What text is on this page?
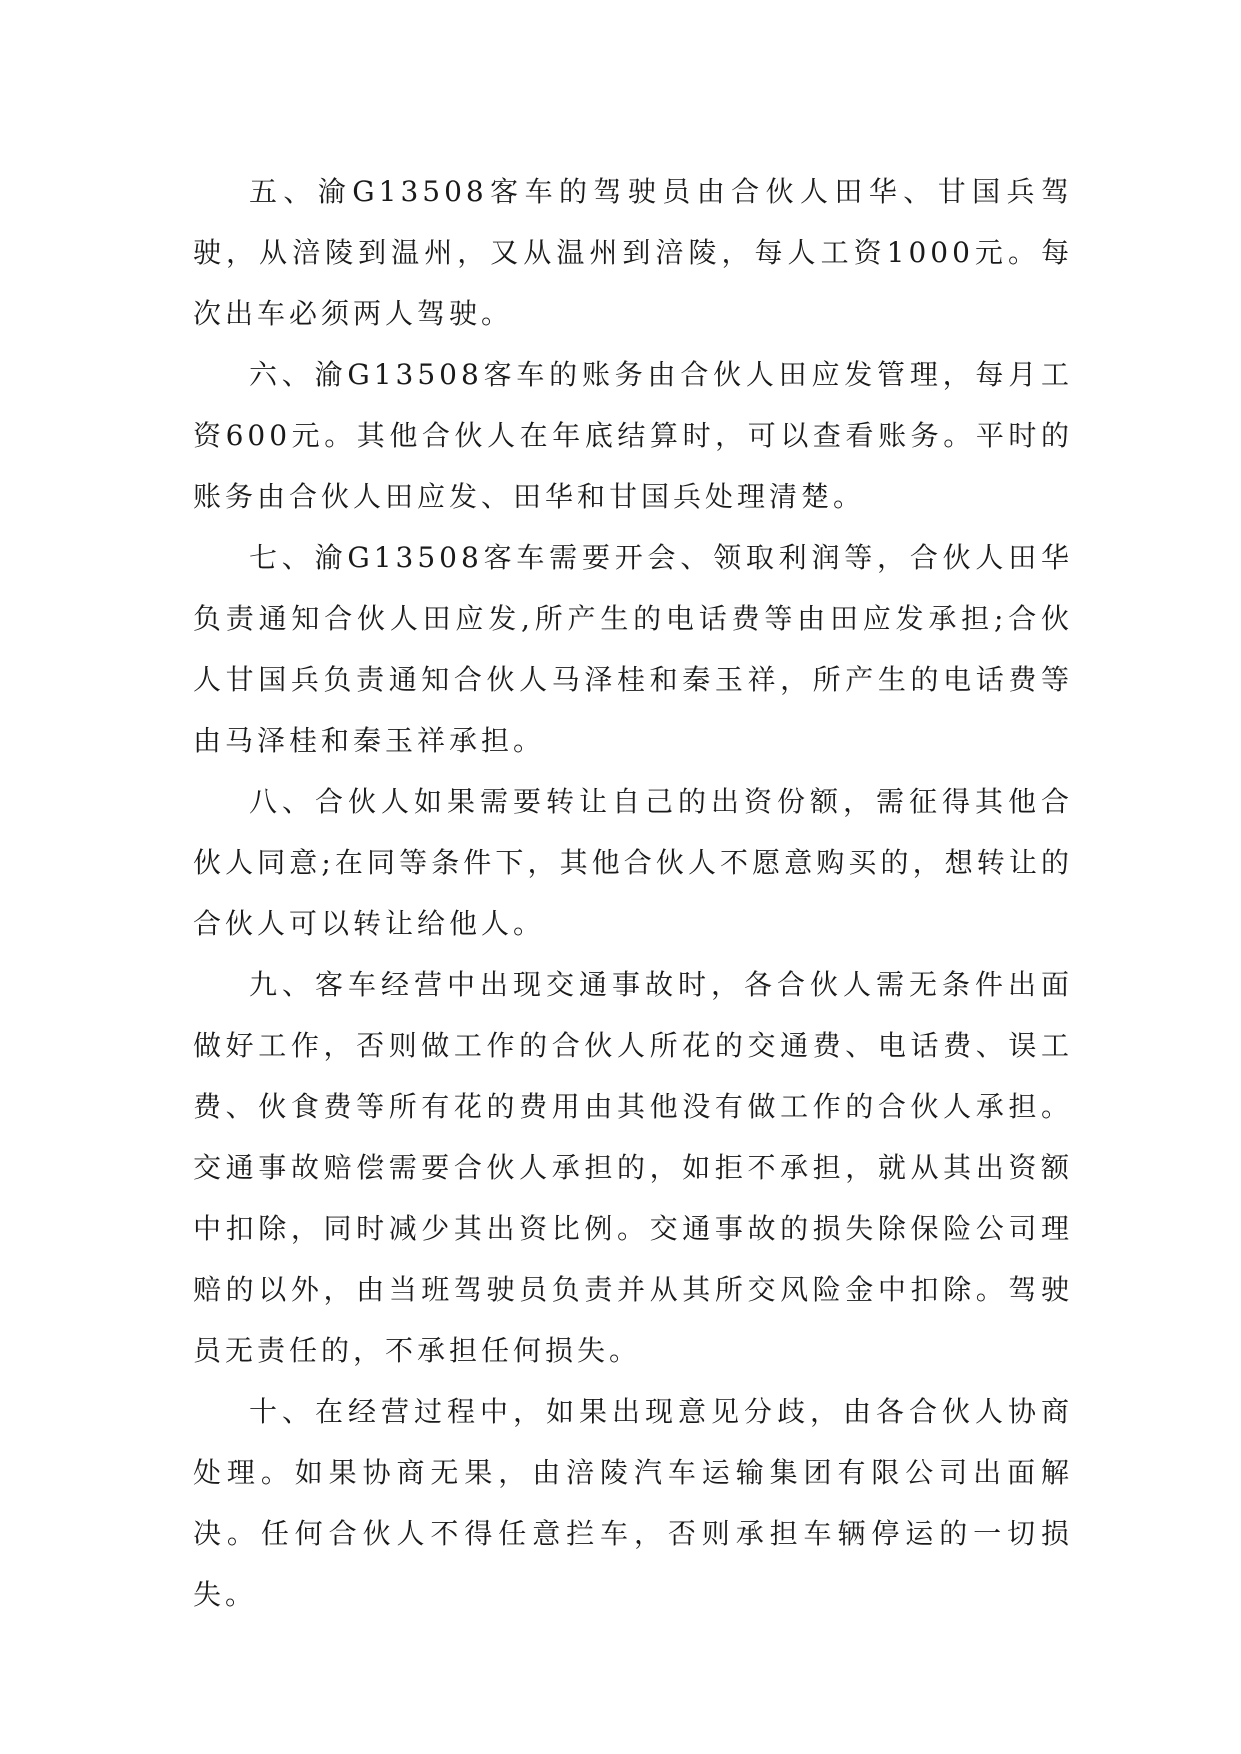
五、渝G13508客车的驾驶员由合伙人田华、甘国兵驾驶，从涪陵到温州，又从温州到涪陵，每人工资1000元。每次出车必须两人驾驶。

六、渝G13508客车的账务由合伙人田应发管理，每月工资600元。其他合伙人在年底结算时，可以查看账务。平时的账务由合伙人田应发、田华和甘国兵处理清楚。

七、渝G13508客车需要开会、领取利润等，合伙人田华负责通知合伙人田应发,所产生的电话费等由田应发承担;合伙人甘国兵负责通知合伙人马泽桂和秦玉祥，所产生的电话费等由马泽桂和秦玉祥承担。

八、合伙人如果需要转让自己的出资份额，需征得其他合伙人同意;在同等条件下，其他合伙人不愿意购买的，想转让的合伙人可以转让给他人。

九、客车经营中出现交通事故时，各合伙人需无条件出面做好工作，否则做工作的合伙人所花的交通费、电话费、误工费、伙食费等所有花的费用由其他没有做工作的合伙人承担。交通事故赔偿需要合伙人承担的，如拒不承担，就从其出资额中扣除，同时减少其出资比例。交通事故的损失除保险公司理赔的以外，由当班驾驶员负责并从其所交风险金中扣除。驾驶员无责任的，不承担任何损失。

十、在经营过程中，如果出现意见分歧，由各合伙人协商处理。如果协商无果，由涪陵汽车运输集团有限公司出面解决。任何合伙人不得任意拦车，否则承担车辆停运的一切损失。
